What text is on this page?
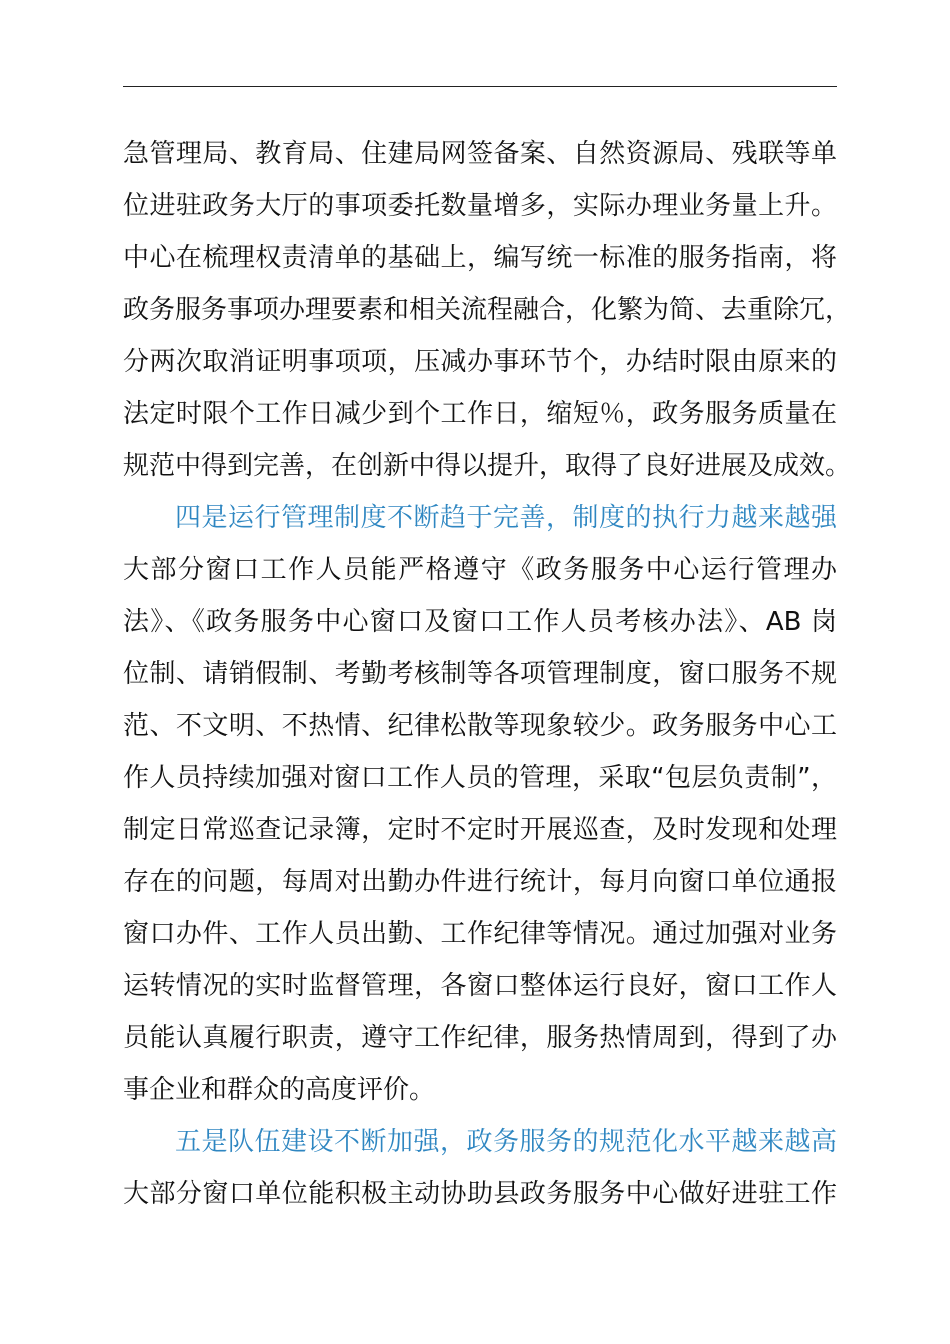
急管理局、教育局、住建局网签备案、自然资源局、残联等单
位进驻政务大厅的事项委托数量增多，实际办理业务量上升。
中心在梳理权责清单的基础上，编写统一标准的服务指南，将
政务服务事项办理要素和相关流程融合，化繁为简、去重除冗，
分两次取消证明事项项，压减办事环节个，办结时限由原来的
法定时限个工作日减少到个工作日，缩短％，政务服务质量在
规范中得到完善，在创新中得以提升，取得了良好进展及成效。
四是运行管理制度不断趋于完善，制度的执行力越来越强
大部分窗口工作人员能严格遵守《政务服务中心运行管理办
法》、《政务服务中心窗口及窗口工作人员考核办法》、AB 岗
位制、请销假制、考勤考核制等各项管理制度，窗口服务不规
范、不文明、不热情、纪律松散等现象较少。政务服务中心工
作人员持续加强对窗口工作人员的管理，采取“包层负责制”，
制定日常巡查记录簿，定时不定时开展巡查，及时发现和处理
存在的问题，每周对出勤办件进行统计，每月向窗口单位通报
窗口办件、工作人员出勤、工作纪律等情况。通过加强对业务
运转情况的实时监督管理，各窗口整体运行良好，窗口工作人
员能认真履行职责，遵守工作纪律，服务热情周到，得到了办
事企业和群众的高度评价。
五是队伍建设不断加强，政务服务的规范化水平越来越高
大部分窗口单位能积极主动协助县政务服务中心做好进驻工作
